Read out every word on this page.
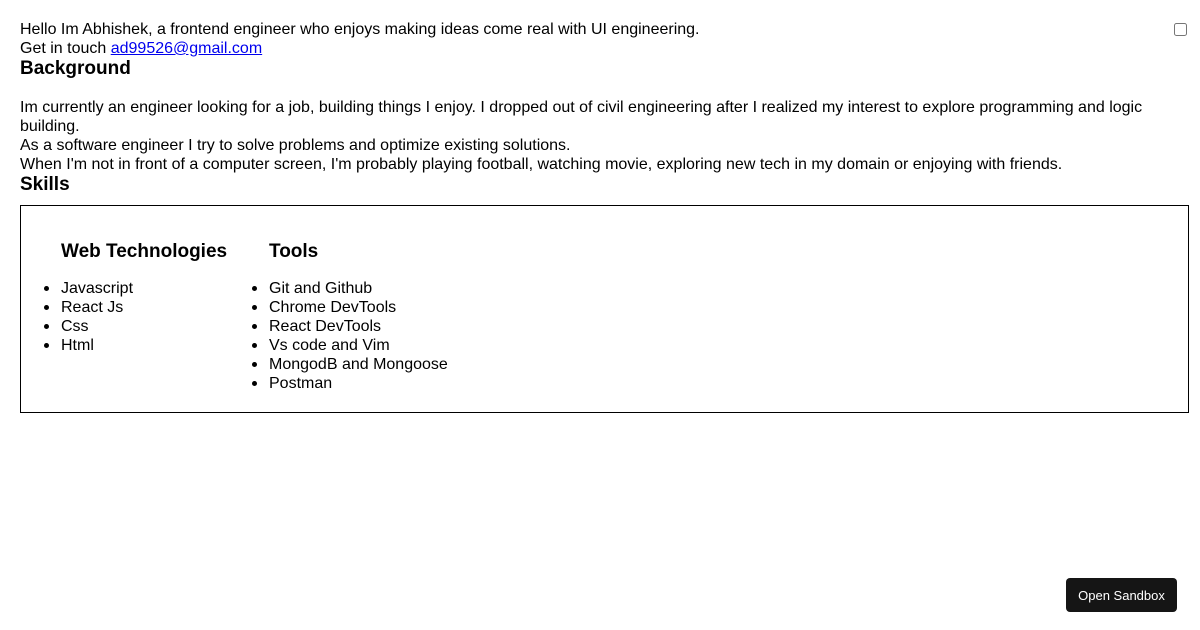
Hello Im Abhishek, a frontend engineer who enjoys making ideas come real with UI engineering.

Get in touch ad99526@gmail.com

Background

Im currently an engineer looking for a job, building things I enjoy. I dropped out of civil engineering after I realized my interest to explore programming and logic building.
As a software engineer I try to solve problems and optimize existing solutions.
When I'm not in front of a computer screen, I'm probably playing football, watching movie, exploring new tech in my domain or enjoying with friends.

Skills
Web Technologies
Javascript
React Js
Css
Html
Tools
Git and Github
Chrome DevTools
React DevTools
Vs code and Vim
MongodB and Mongoose
Postman
Open Sandbox
